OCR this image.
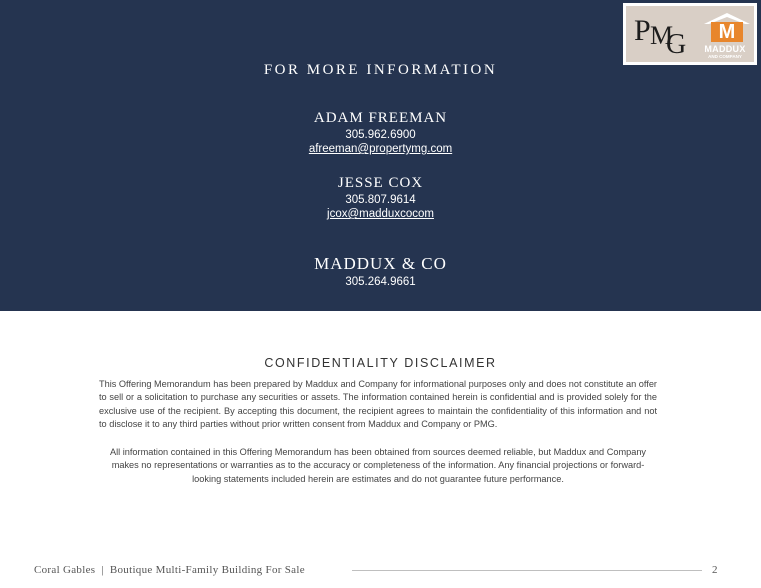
P M
G	M
MADDUX
AND COMPANY
FOR MORE INFORMATION
ADAM FREEMAN
305.962.6900
afreeman@propertymg.com
JESSE COX
305.807.9614
jcox@madduxcocom
MADDUX & CO
305.264.9661
CONFIDENTIALITY DISCLAIMER
This Offering Memorandum has been prepared by Maddux and Company for informational purposes only and does not constitute an offer to sell or a solicitation to purchase any securities or assets. The information contained herein is confidential and is provided solely for the exclusive use of the recipient. By accepting this document, the recipient agrees to maintain the confidentiality of this information and not to disclose it to any third parties without prior written consent from Maddux and Company or PMG.
All information contained in this Offering Memorandum has been obtained from sources deemed reliable, but Maddux and Company makes no representations or warranties as to the accuracy or completeness of the information. Any financial projections or forward-looking statements included herein are estimates and do not guarantee future performance.
Coral Gables | Boutique Multi-Family Building For Sale	2
